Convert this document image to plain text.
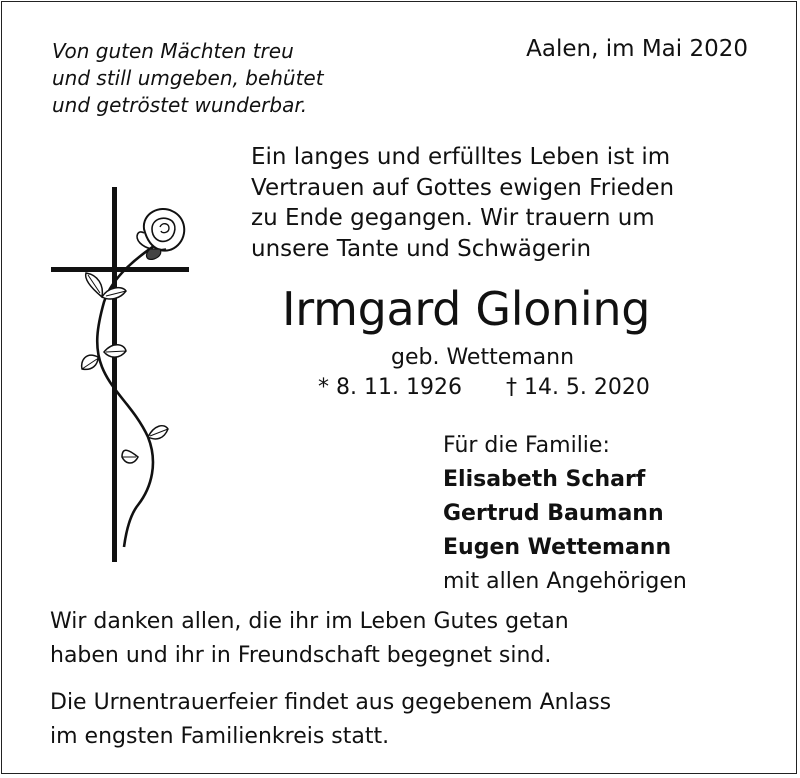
Von guten Mächten treu
und still umgeben, behütet
und getröstet wunderbar.
Aalen, im Mai 2020
Ein langes und erfülltes Leben ist im
Vertrauen auf Gottes ewigen Frieden
zu Ende gegangen. Wir trauern um
unsere Tante und Schwägerin
Irmgard Gloning
geb. Wettemann
* 8. 11. 1926 † 14. 5. 2020
Für die Familie:
Elisabeth Scharf
Gertrud Baumann
Eugen Wettemann
mit allen Angehörigen
Wir danken allen, die ihr im Leben Gutes getan
haben und ihr in Freundschaft begegnet sind.
Die Urnentrauerfeier findet aus gegebenem Anlass
im engsten Familienkreis statt.
